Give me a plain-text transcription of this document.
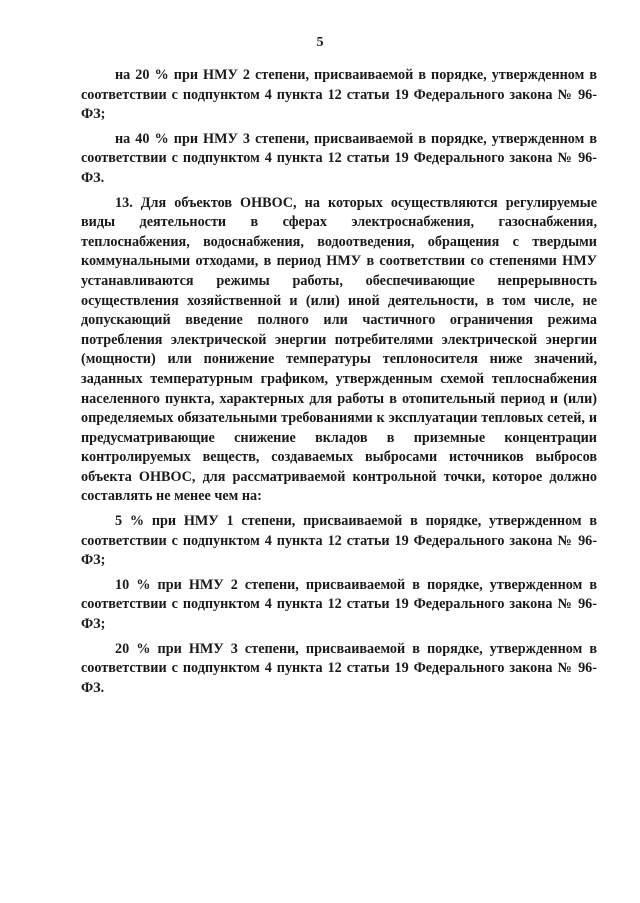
5

на 20 % при НМУ 2 степени, присваиваемой в порядке, утвержденном в соответствии с подпунктом 4 пункта 12 статьи 19 Федерального закона № 96-ФЗ;

на 40 % при НМУ 3 степени, присваиваемой в порядке, утвержденном в соответствии с подпунктом 4 пункта 12 статьи 19 Федерального закона № 96-ФЗ.

13. Для объектов ОНВОС, на которых осуществляются регулируемые виды деятельности в сферах электроснабжения, газоснабжения, теплоснабжения, водоснабжения, водоотведения, обращения с твердыми коммунальными отходами, в период НМУ в соответствии со степенями НМУ устанавливаются режимы работы, обеспечивающие непрерывность осуществления хозяйственной и (или) иной деятельности, в том числе, не допускающий введение полного или частичного ограничения режима потребления электрической энергии потребителями электрической энергии (мощности) или понижение температуры теплоносителя ниже значений, заданных температурным графиком, утвержденным схемой теплоснабжения населенного пункта, характерных для работы в отопительный период и (или) определяемых обязательными требованиями к эксплуатации тепловых сетей, и предусматривающие снижение вкладов в приземные концентрации контролируемых веществ, создаваемых выбросами источников выбросов объекта ОНВОС, для рассматриваемой контрольной точки, которое должно составлять не менее чем на:

5 % при НМУ 1 степени, присваиваемой в порядке, утвержденном в соответствии с подпунктом 4 пункта 12 статьи 19 Федерального закона № 96-ФЗ;

10 % при НМУ 2 степени, присваиваемой в порядке, утвержденном в соответствии с подпунктом 4 пункта 12 статьи 19 Федерального закона № 96-ФЗ;

20 % при НМУ 3 степени, присваиваемой в порядке, утвержденном в соответствии с подпунктом 4 пункта 12 статьи 19 Федерального закона № 96-ФЗ.
